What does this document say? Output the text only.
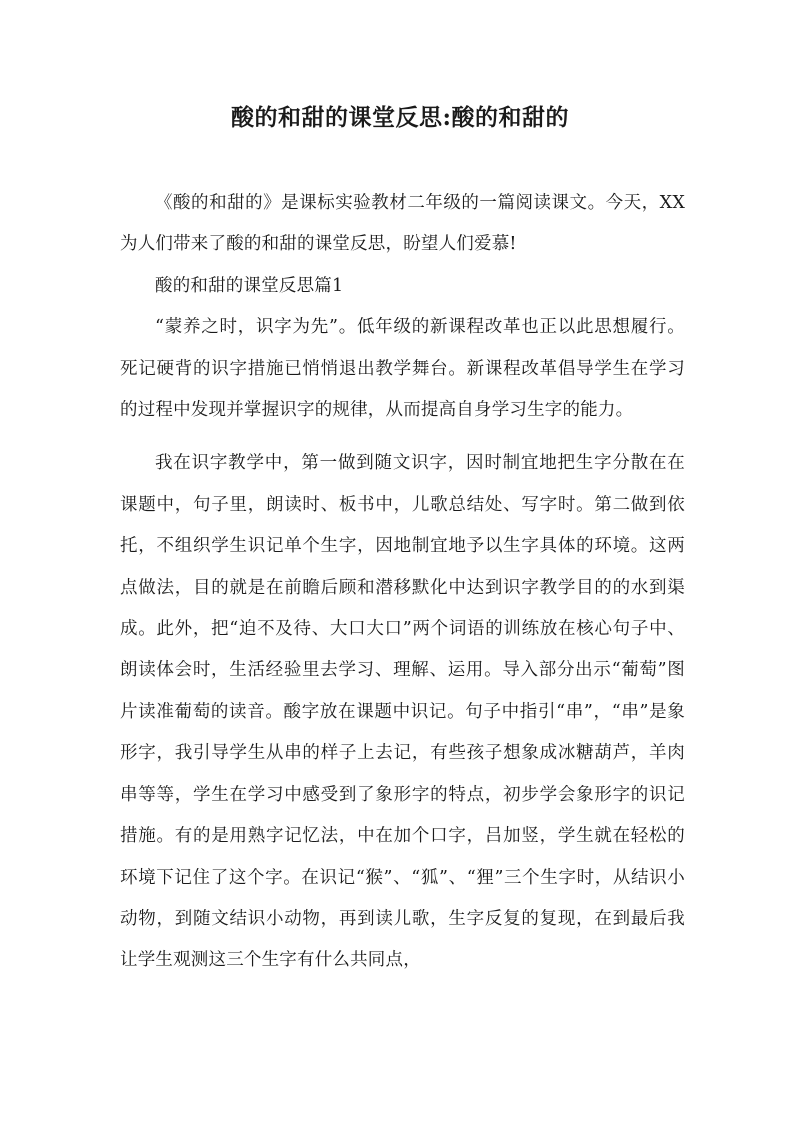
酸的和甜的课堂反思:酸的和甜的

《酸的和甜的》是课标实验教材二年级的一篇阅读课文。今天，XX为人们带来了酸的和甜的课堂反思，盼望人们爱慕!

酸的和甜的课堂反思篇1

“蒙养之时，识字为先”。低年级的新课程改革也正以此思想履行。死记硬背的识字措施已悄悄退出教学舞台。新课程改革倡导学生在学习的过程中发现并掌握识字的规律，从而提高自身学习生字的能力。

我在识字教学中，第一做到随文识字，因时制宜地把生字分散在在课题中，句子里，朗读时、板书中，儿歌总结处、写字时。第二做到依托，不组织学生识记单个生字，因地制宜地予以生字具体的环境。这两点做法，目的就是在前瞻后顾和潜移默化中达到识字教学目的的水到渠成。此外，把“迫不及待、大口大口”两个词语的训练放在核心句子中、朗读体会时，生活经验里去学习、理解、运用。导入部分出示“葡萄”图片读准葡萄的读音。酸字放在课题中识记。句子中指引“串”，“串”是象形字，我引导学生从串的样子上去记，有些孩子想象成冰糖葫芦，羊肉串等等，学生在学习中感受到了象形字的特点，初步学会象形字的识记措施。有的是用熟字记忆法，中在加个口字，吕加竖，学生就在轻松的环境下记住了这个字。在识记“猴”、“狐”、“狸”三个生字时，从结识小动物，到随文结识小动物，再到读儿歌，生字反复的复现，在到最后我让学生观测这三个生字有什么共同点，
